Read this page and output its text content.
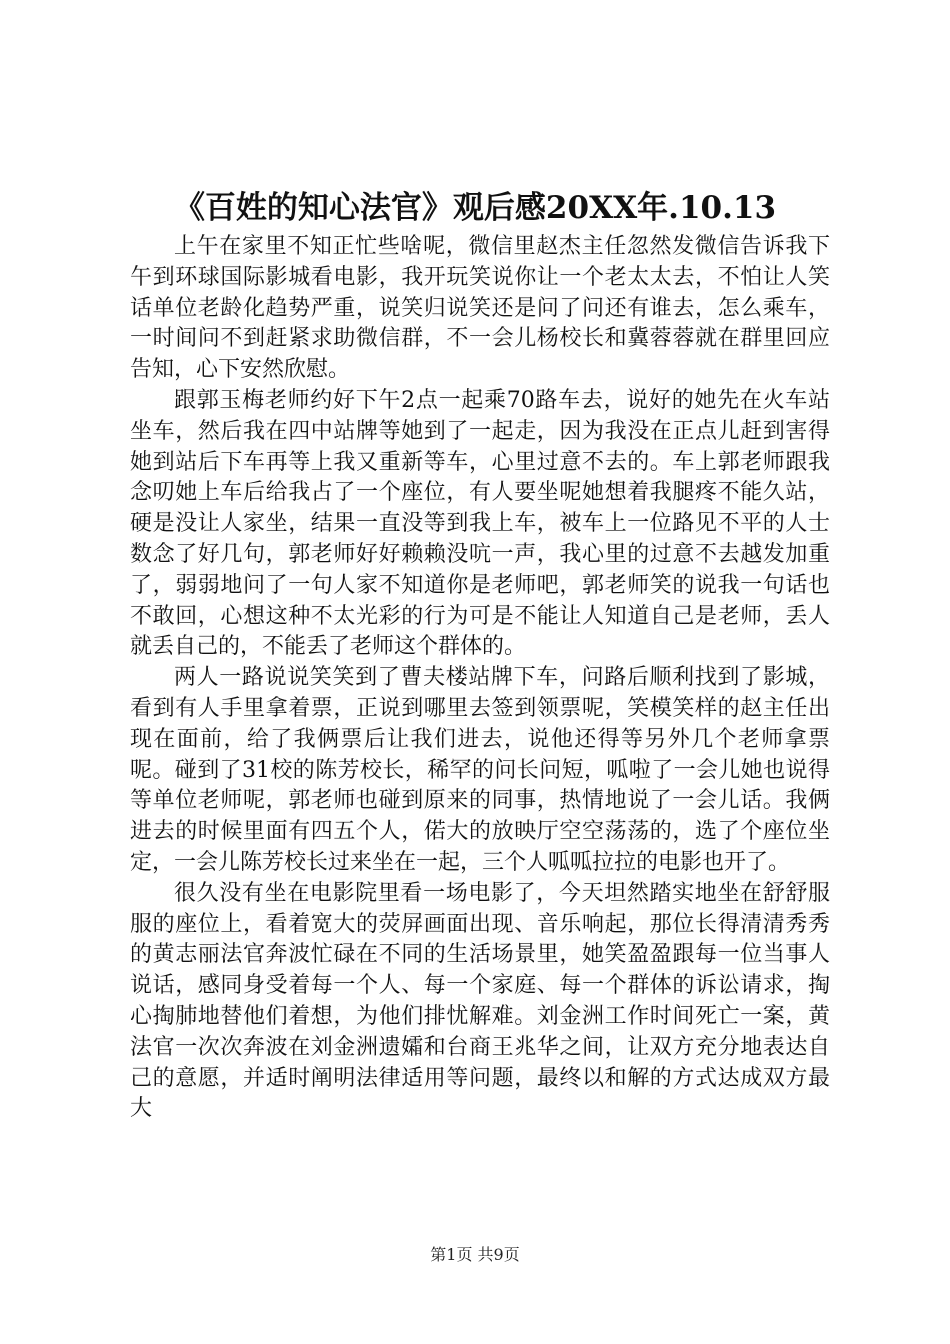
《百姓的知心法官》观后感20XX年.10.13

上午在家里不知正忙些啥呢，微信里赵杰主任忽然发微信告诉我下午到环球国际影城看电影，我开玩笑说你让一个老太太去，不怕让人笑话单位老龄化趋势严重，说笑归说笑还是问了问还有谁去，怎么乘车，一时间问不到赶紧求助微信群，不一会儿杨校长和冀蓉蓉就在群里回应告知，心下安然欣慰。

跟郭玉梅老师约好下午2点一起乘70路车去，说好的她先在火车站坐车，然后我在四中站牌等她到了一起走，因为我没在正点儿赶到害得她到站后下车再等上我又重新等车，心里过意不去的。车上郭老师跟我念叨她上车后给我占了一个座位，有人要坐呢她想着我腿疼不能久站，硬是没让人家坐，结果一直没等到我上车，被车上一位路见不平的人士数念了好几句，郭老师好好赖赖没吭一声，我心里的过意不去越发加重了，弱弱地问了一句人家不知道你是老师吧，郭老师笑的说我一句话也不敢回，心想这种不太光彩的行为可是不能让人知道自己是老师，丢人就丢自己的，不能丢了老师这个群体的。

两人一路说说笑笑到了曹夫楼站牌下车，问路后顺利找到了影城，看到有人手里拿着票，正说到哪里去签到领票呢，笑模笑样的赵主任出现在面前，给了我俩票后让我们进去，说他还得等另外几个老师拿票呢。碰到了31校的陈芳校长，稀罕的问长问短，呱啦了一会儿她也说得等单位老师呢，郭老师也碰到原来的同事，热情地说了一会儿话。我俩进去的时候里面有四五个人，偌大的放映厅空空荡荡的，选了个座位坐定，一会儿陈芳校长过来坐在一起，三个人呱呱拉拉的电影也开了。

很久没有坐在电影院里看一场电影了，今天坦然踏实地坐在舒舒服服的座位上，看着宽大的荧屏画面出现、音乐响起，那位长得清清秀秀的黄志丽法官奔波忙碌在不同的生活场景里，她笑盈盈跟每一位当事人说话，感同身受着每一个人、每一个家庭、每一个群体的诉讼请求，掏心掏肺地替他们着想，为他们排忧解难。刘金洲工作时间死亡一案，黄法官一次次奔波在刘金洲遗孀和台商王兆华之间，让双方充分地表达自己的意愿，并适时阐明法律适用等问题，最终以和解的方式达成双方最大

第1页 共9页
